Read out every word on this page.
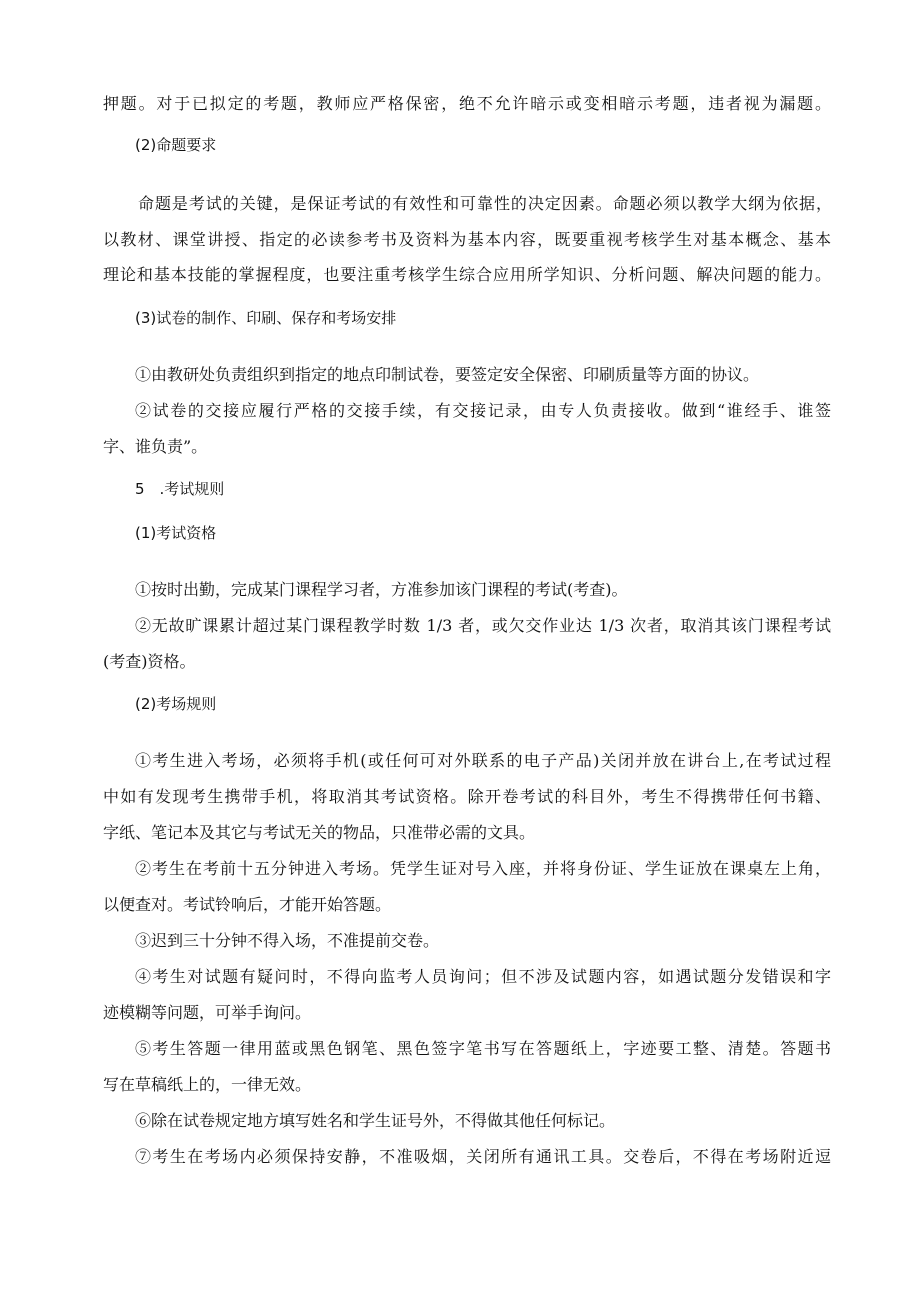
押题。对于已拟定的考题，教师应严格保密，绝不允许暗示或变相暗示考题，违者视为漏题。

(2)命题要求

命题是考试的关键，是保证考试的有效性和可靠性的决定因素。命题必须以教学大纲为依据，

以教材、课堂讲授、指定的必读参考书及资料为基本内容，既要重视考核学生对基本概念、基本

理论和基本技能的掌握程度，也要注重考核学生综合应用所学知识、分析问题、解决问题的能力。

(3)试卷的制作、印刷、保存和考场安排

①由教研处负责组织到指定的地点印制试卷，要签定安全保密、印刷质量等方面的协议。

②试卷的交接应履行严格的交接手续，有交接记录，由专人负责接收。做到“谁经手、谁签

字、谁负责”。

5　.考试规则

(1)考试资格

①按时出勤，完成某门课程学习者，方准参加该门课程的考试(考查)。

②无故旷课累计超过某门课程教学时数 1/3 者，或欠交作业达 1/3 次者，取消其该门课程考试

(考查)资格。

(2)考场规则

①考生进入考场，必须将手机(或任何可对外联系的电子产品)关闭并放在讲台上,在考试过程

中如有发现考生携带手机，将取消其考试资格。除开卷考试的科目外，考生不得携带任何书籍、

字纸、笔记本及其它与考试无关的物品，只准带必需的文具。

②考生在考前十五分钟进入考场。凭学生证对号入座，并将身份证、学生证放在课桌左上角，

以便查对。考试铃响后，才能开始答题。

③迟到三十分钟不得入场，不准提前交卷。

④考生对试题有疑问时，不得向监考人员询问；但不涉及试题内容，如遇试题分发错误和字

迹模糊等问题，可举手询问。

⑤考生答题一律用蓝或黑色钢笔、黑色签字笔书写在答题纸上，字迹要工整、清楚。答题书

写在草稿纸上的，一律无效。

⑥除在试卷规定地方填写姓名和学生证号外，不得做其他任何标记。

⑦考生在考场内必须保持安静，不准吸烟，关闭所有通讯工具。交卷后，不得在考场附近逗
